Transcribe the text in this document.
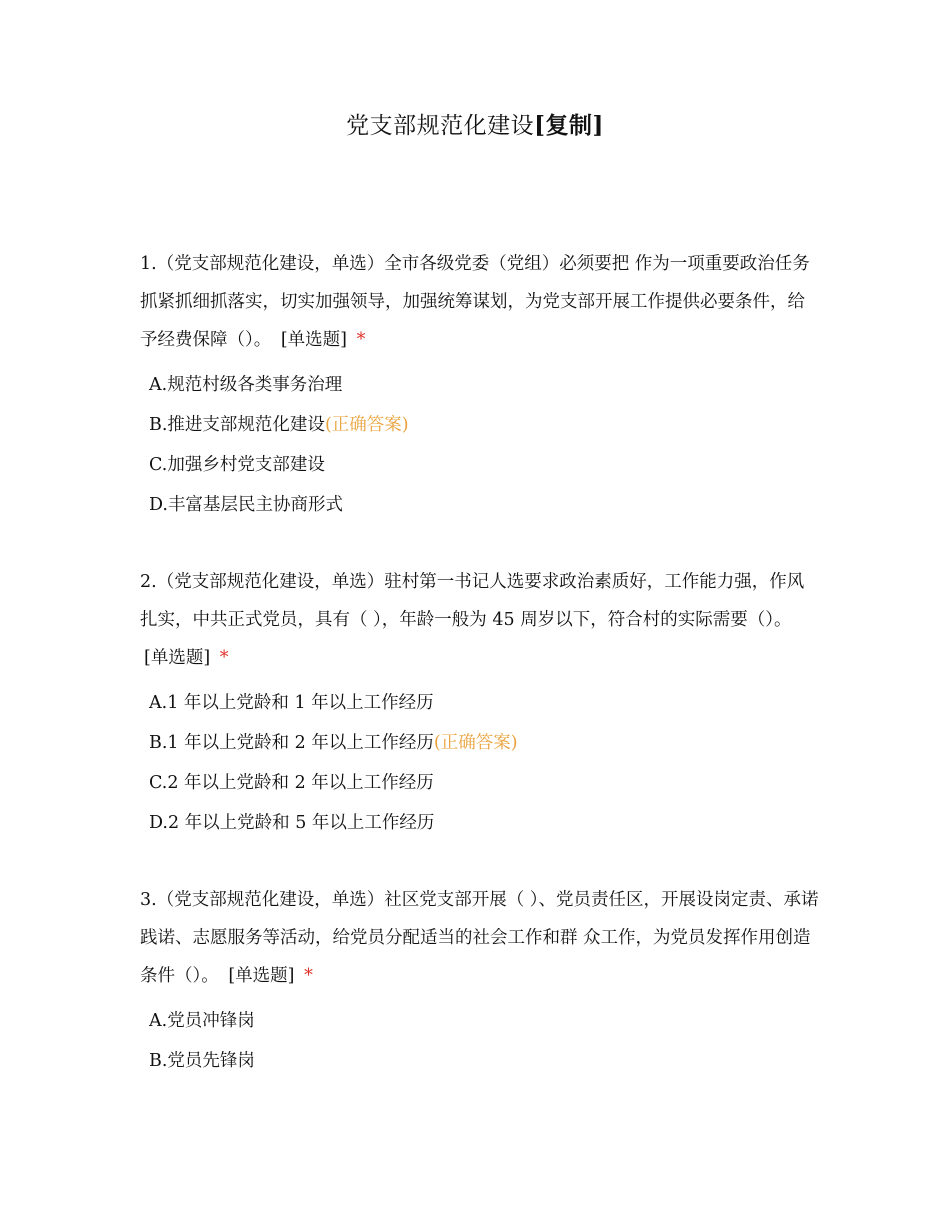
党支部规范化建设[复制]

1.（党支部规范化建设，单选）全市各级党委（党组）必须要把 作为一项重要政治任务抓紧抓细抓落实，切实加强领导，加强统筹谋划，为党支部开展工作提供必要条件，给予经费保障（）。 [单选题] *

A.规范村级各类事务治理
B.推进支部规范化建设(正确答案)
C.加强乡村党支部建设
D.丰富基层民主协商形式

2.（党支部规范化建设，单选）驻村第一书记人选要求政治素质好，工作能力强，作风扎实，中共正式党员，具有（ ），年龄一般为 45 周岁以下，符合村的实际需要（）。 [单选题] *

A.1 年以上党龄和 1 年以上工作经历
B.1 年以上党龄和 2 年以上工作经历(正确答案)
C.2 年以上党龄和 2 年以上工作经历
D.2 年以上党龄和 5 年以上工作经历

3.（党支部规范化建设，单选）社区党支部开展（ ）、党员责任区，开展设岗定责、承诺践诺、志愿服务等活动，给党员分配适当的社会工作和群 众工作，为党员发挥作用创造条件（）。 [单选题] *

A.党员冲锋岗
B.党员先锋岗
